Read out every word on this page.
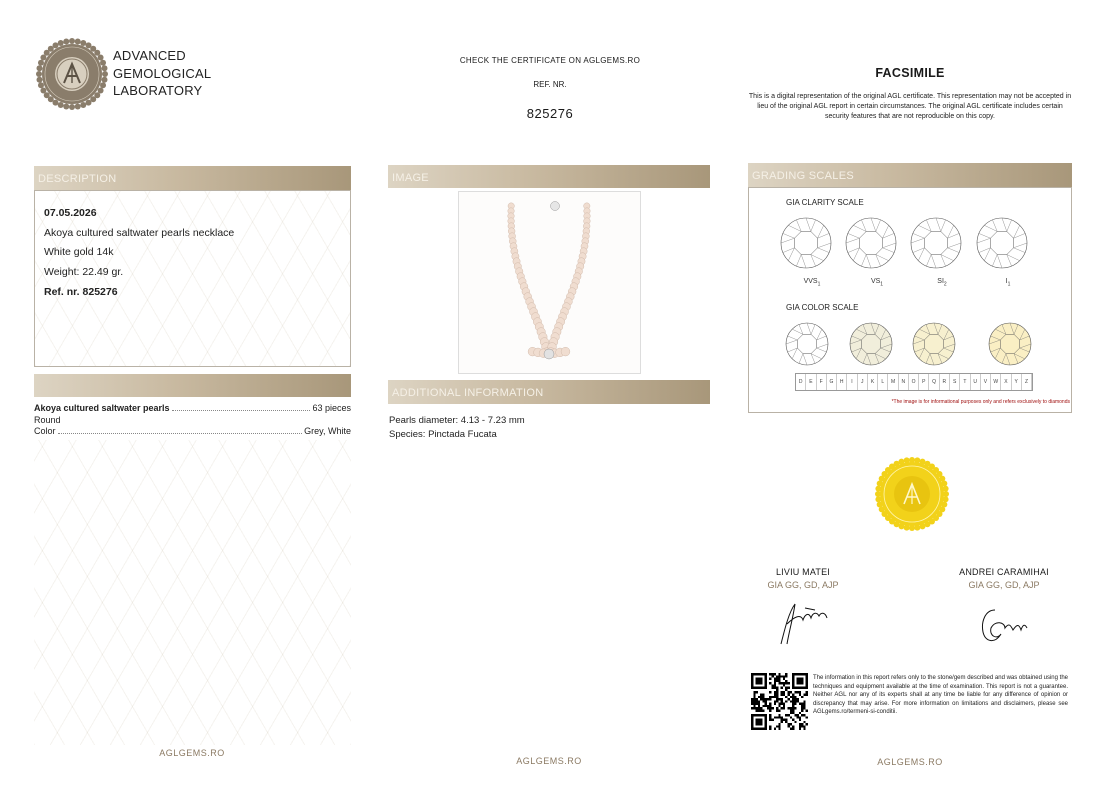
ADVANCED
GEMOLOGICAL
LABORATORY
CHECK THE CERTIFICATE ON AGLGEMS.RO
REF. NR.
825276
FACSIMILE
This is a digital representation of the original AGL certificate. This representation may not be accepted in lieu of the original AGL report in certain circumstances. The original AGL certificate includes certain security features that are not reproducible on this copy.
DESCRIPTION
07.05.2026
Akoya cultured saltwater pearls necklace
White gold 14k
Weight: 22.49 gr.
Ref. nr. 825276
Akoya cultured saltwater pearls	63 pieces
Round
Color	Grey, White
IMAGE
ADDITIONAL INFORMATION
Pearls diameter: 4.13 - 7.23 mm
Species: Pinctada Fucata
GRADING SCALES
GIA CLARITY SCALE
$VVS_1$	$VS_1$	$SI_2$	$I_1$
GIA COLOR SCALE
D	E	F	G	H	I	J	K	L	M	N	O	P	Q	R	S	T	U	V	W	X	Y	Z
*The image is for informational purposes only and refers exclusively to diamonds
LIVIU MATEI
GIA GG, GD, AJP
ANDREI CARAMIHAI
GIA GG, GD, AJP
The information in this report refers only to the stone/gem described and was obtained using the techniques and equipment available at the time of examination. This report is not a guarantee. Neither AGL nor any of its experts shall at any time be liable for any difference of opinion or discrepancy that may arise. For more information on limitations and disclaimers, please see AGLgems.ro/termeni-si-conditii.
AGLGEMS.RO
AGLGEMS.RO	AGLGEMS.RO
